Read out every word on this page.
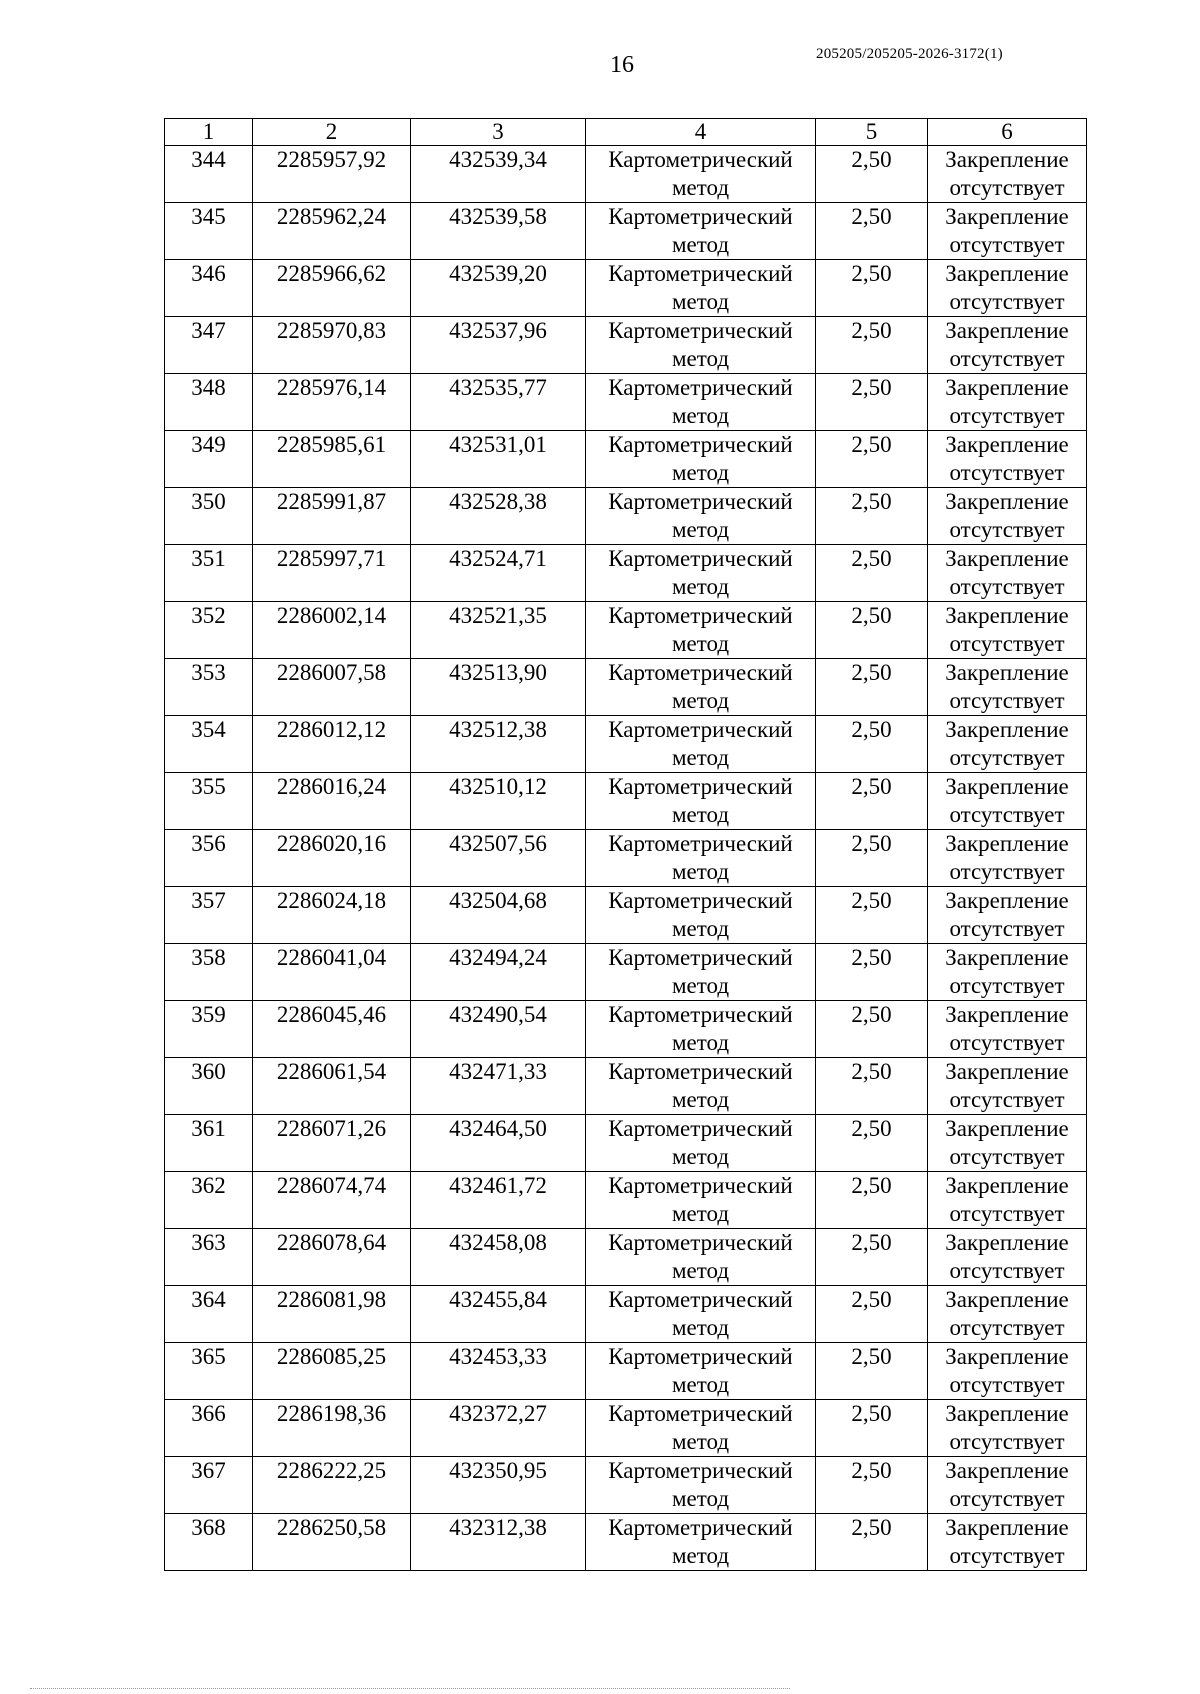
16	205205/205205-2026-3172(1)
1	2	3	4	5	6
344	2285957,92	432539,34	Картометрический метод	2,50	Закрепление отсутствует
345	2285962,24	432539,58	Картометрический метод	2,50	Закрепление отсутствует
346	2285966,62	432539,20	Картометрический метод	2,50	Закрепление отсутствует
347	2285970,83	432537,96	Картометрический метод	2,50	Закрепление отсутствует
348	2285976,14	432535,77	Картометрический метод	2,50	Закрепление отсутствует
349	2285985,61	432531,01	Картометрический метод	2,50	Закрепление отсутствует
350	2285991,87	432528,38	Картометрический метод	2,50	Закрепление отсутствует
351	2285997,71	432524,71	Картометрический метод	2,50	Закрепление отсутствует
352	2286002,14	432521,35	Картометрический метод	2,50	Закрепление отсутствует
353	2286007,58	432513,90	Картометрический метод	2,50	Закрепление отсутствует
354	2286012,12	432512,38	Картометрический метод	2,50	Закрепление отсутствует
355	2286016,24	432510,12	Картометрический метод	2,50	Закрепление отсутствует
356	2286020,16	432507,56	Картометрический метод	2,50	Закрепление отсутствует
357	2286024,18	432504,68	Картометрический метод	2,50	Закрепление отсутствует
358	2286041,04	432494,24	Картометрический метод	2,50	Закрепление отсутствует
359	2286045,46	432490,54	Картометрический метод	2,50	Закрепление отсутствует
360	2286061,54	432471,33	Картометрический метод	2,50	Закрепление отсутствует
361	2286071,26	432464,50	Картометрический метод	2,50	Закрепление отсутствует
362	2286074,74	432461,72	Картометрический метод	2,50	Закрепление отсутствует
363	2286078,64	432458,08	Картометрический метод	2,50	Закрепление отсутствует
364	2286081,98	432455,84	Картометрический метод	2,50	Закрепление отсутствует
365	2286085,25	432453,33	Картометрический метод	2,50	Закрепление отсутствует
366	2286198,36	432372,27	Картометрический метод	2,50	Закрепление отсутствует
367	2286222,25	432350,95	Картометрический метод	2,50	Закрепление отсутствует
368	2286250,58	432312,38	Картометрический метод	2,50	Закрепление отсутствует
